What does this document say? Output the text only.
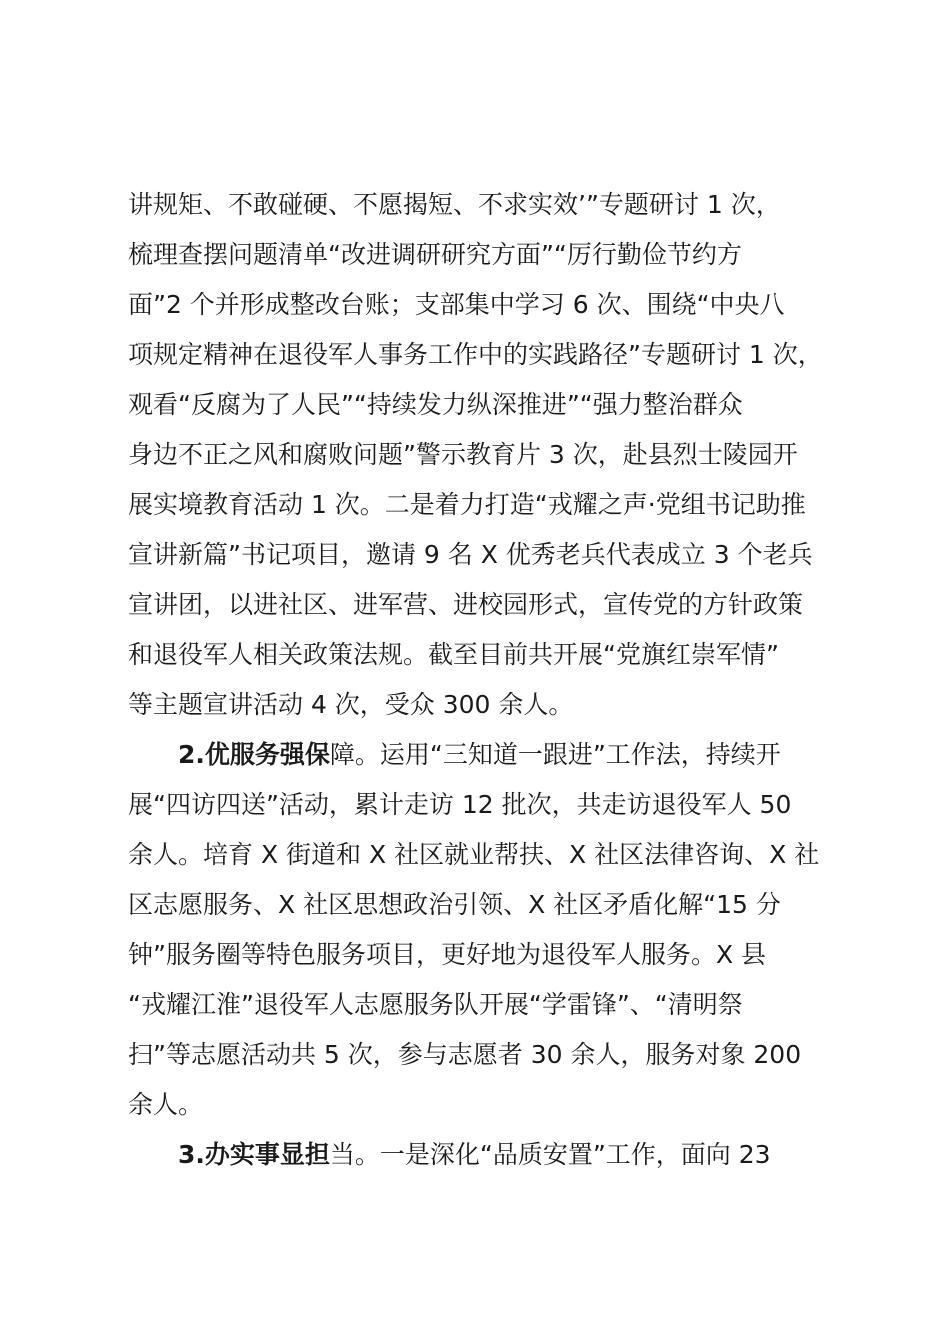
讲规矩、不敢碰硬、不愿揭短、不求实效’”专题研讨 1 次，
梳理查摆问题清单“改进调研研究方面”“厉行勤俭节约方
面”2 个并形成整改台账；支部集中学习 6 次、围绕“中央八
项规定精神在退役军人事务工作中的实践路径”专题研讨 1 次，
观看“反腐为了人民”“持续发力纵深推进”“强力整治群众
身边不正之风和腐败问题”警示教育片 3 次，赴县烈士陵园开
展实境教育活动 1 次。二是着力打造“戎耀之声·党组书记助推
宣讲新篇”书记项目，邀请 9 名 X 优秀老兵代表成立 3 个老兵
宣讲团，以进社区、进军营、进校园形式，宣传党的方针政策
和退役军人相关政策法规。截至目前共开展“党旗红崇军情”
等主题宣讲活动 4 次，受众 300 余人。
2.优服务强保障。运用“三知道一跟进”工作法，持续开
展“四访四送”活动，累计走访 12 批次，共走访退役军人 50
余人。培育 X 街道和 X 社区就业帮扶、X 社区法律咨询、X 社
区志愿服务、X 社区思想政治引领、X 社区矛盾化解“15 分
钟”服务圈等特色服务项目，更好地为退役军人服务。X 县
“戎耀江淮”退役军人志愿服务队开展“学雷锋”、“清明祭
扫”等志愿活动共 5 次，参与志愿者 30 余人，服务对象 200
余人。
3.办实事显担当。一是深化“品质安置”工作，面向 23
